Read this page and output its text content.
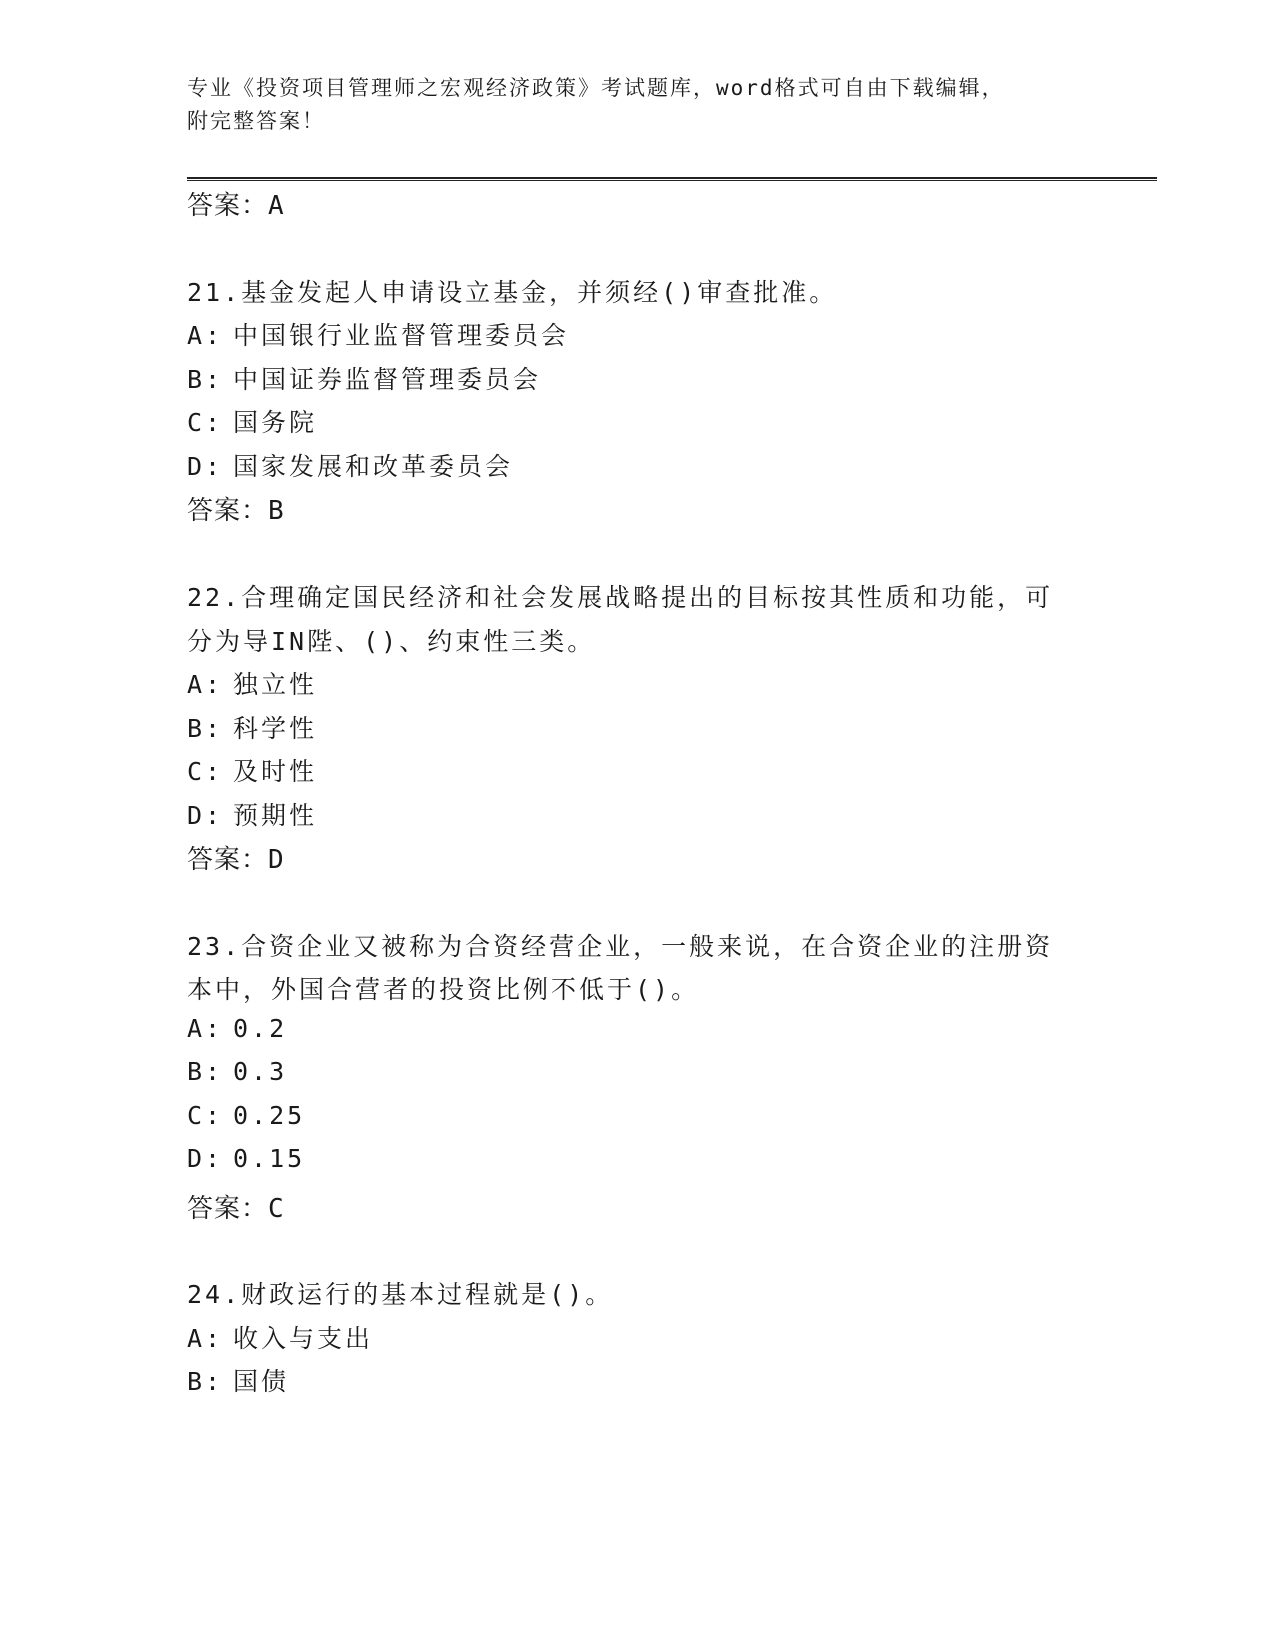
专业《投资项目管理师之宏观经济政策》考试题库，word格式可自由下载编辑，
附完整答案！
答案：A
21.基金发起人申请设立基金，并须经()审查批准。
A: 中国银行业监督管理委员会
B: 中国证券监督管理委员会
C: 国务院
D: 国家发展和改革委员会
答案：B
22.合理确定国民经济和社会发展战略提出的目标按其性质和功能，可
分为导IN陛、()、约束性三类。
A: 独立性
B: 科学性
C: 及时性
D: 预期性
答案：D
23.合资企业又被称为合资经营企业，一般来说，在合资企业的注册资
本中，外国合营者的投资比例不低于()。
A: 0.2
B: 0.3
C: 0.25
D: 0.15
答案：C
24.财政运行的基本过程就是()。
A: 收入与支出
B: 国债
